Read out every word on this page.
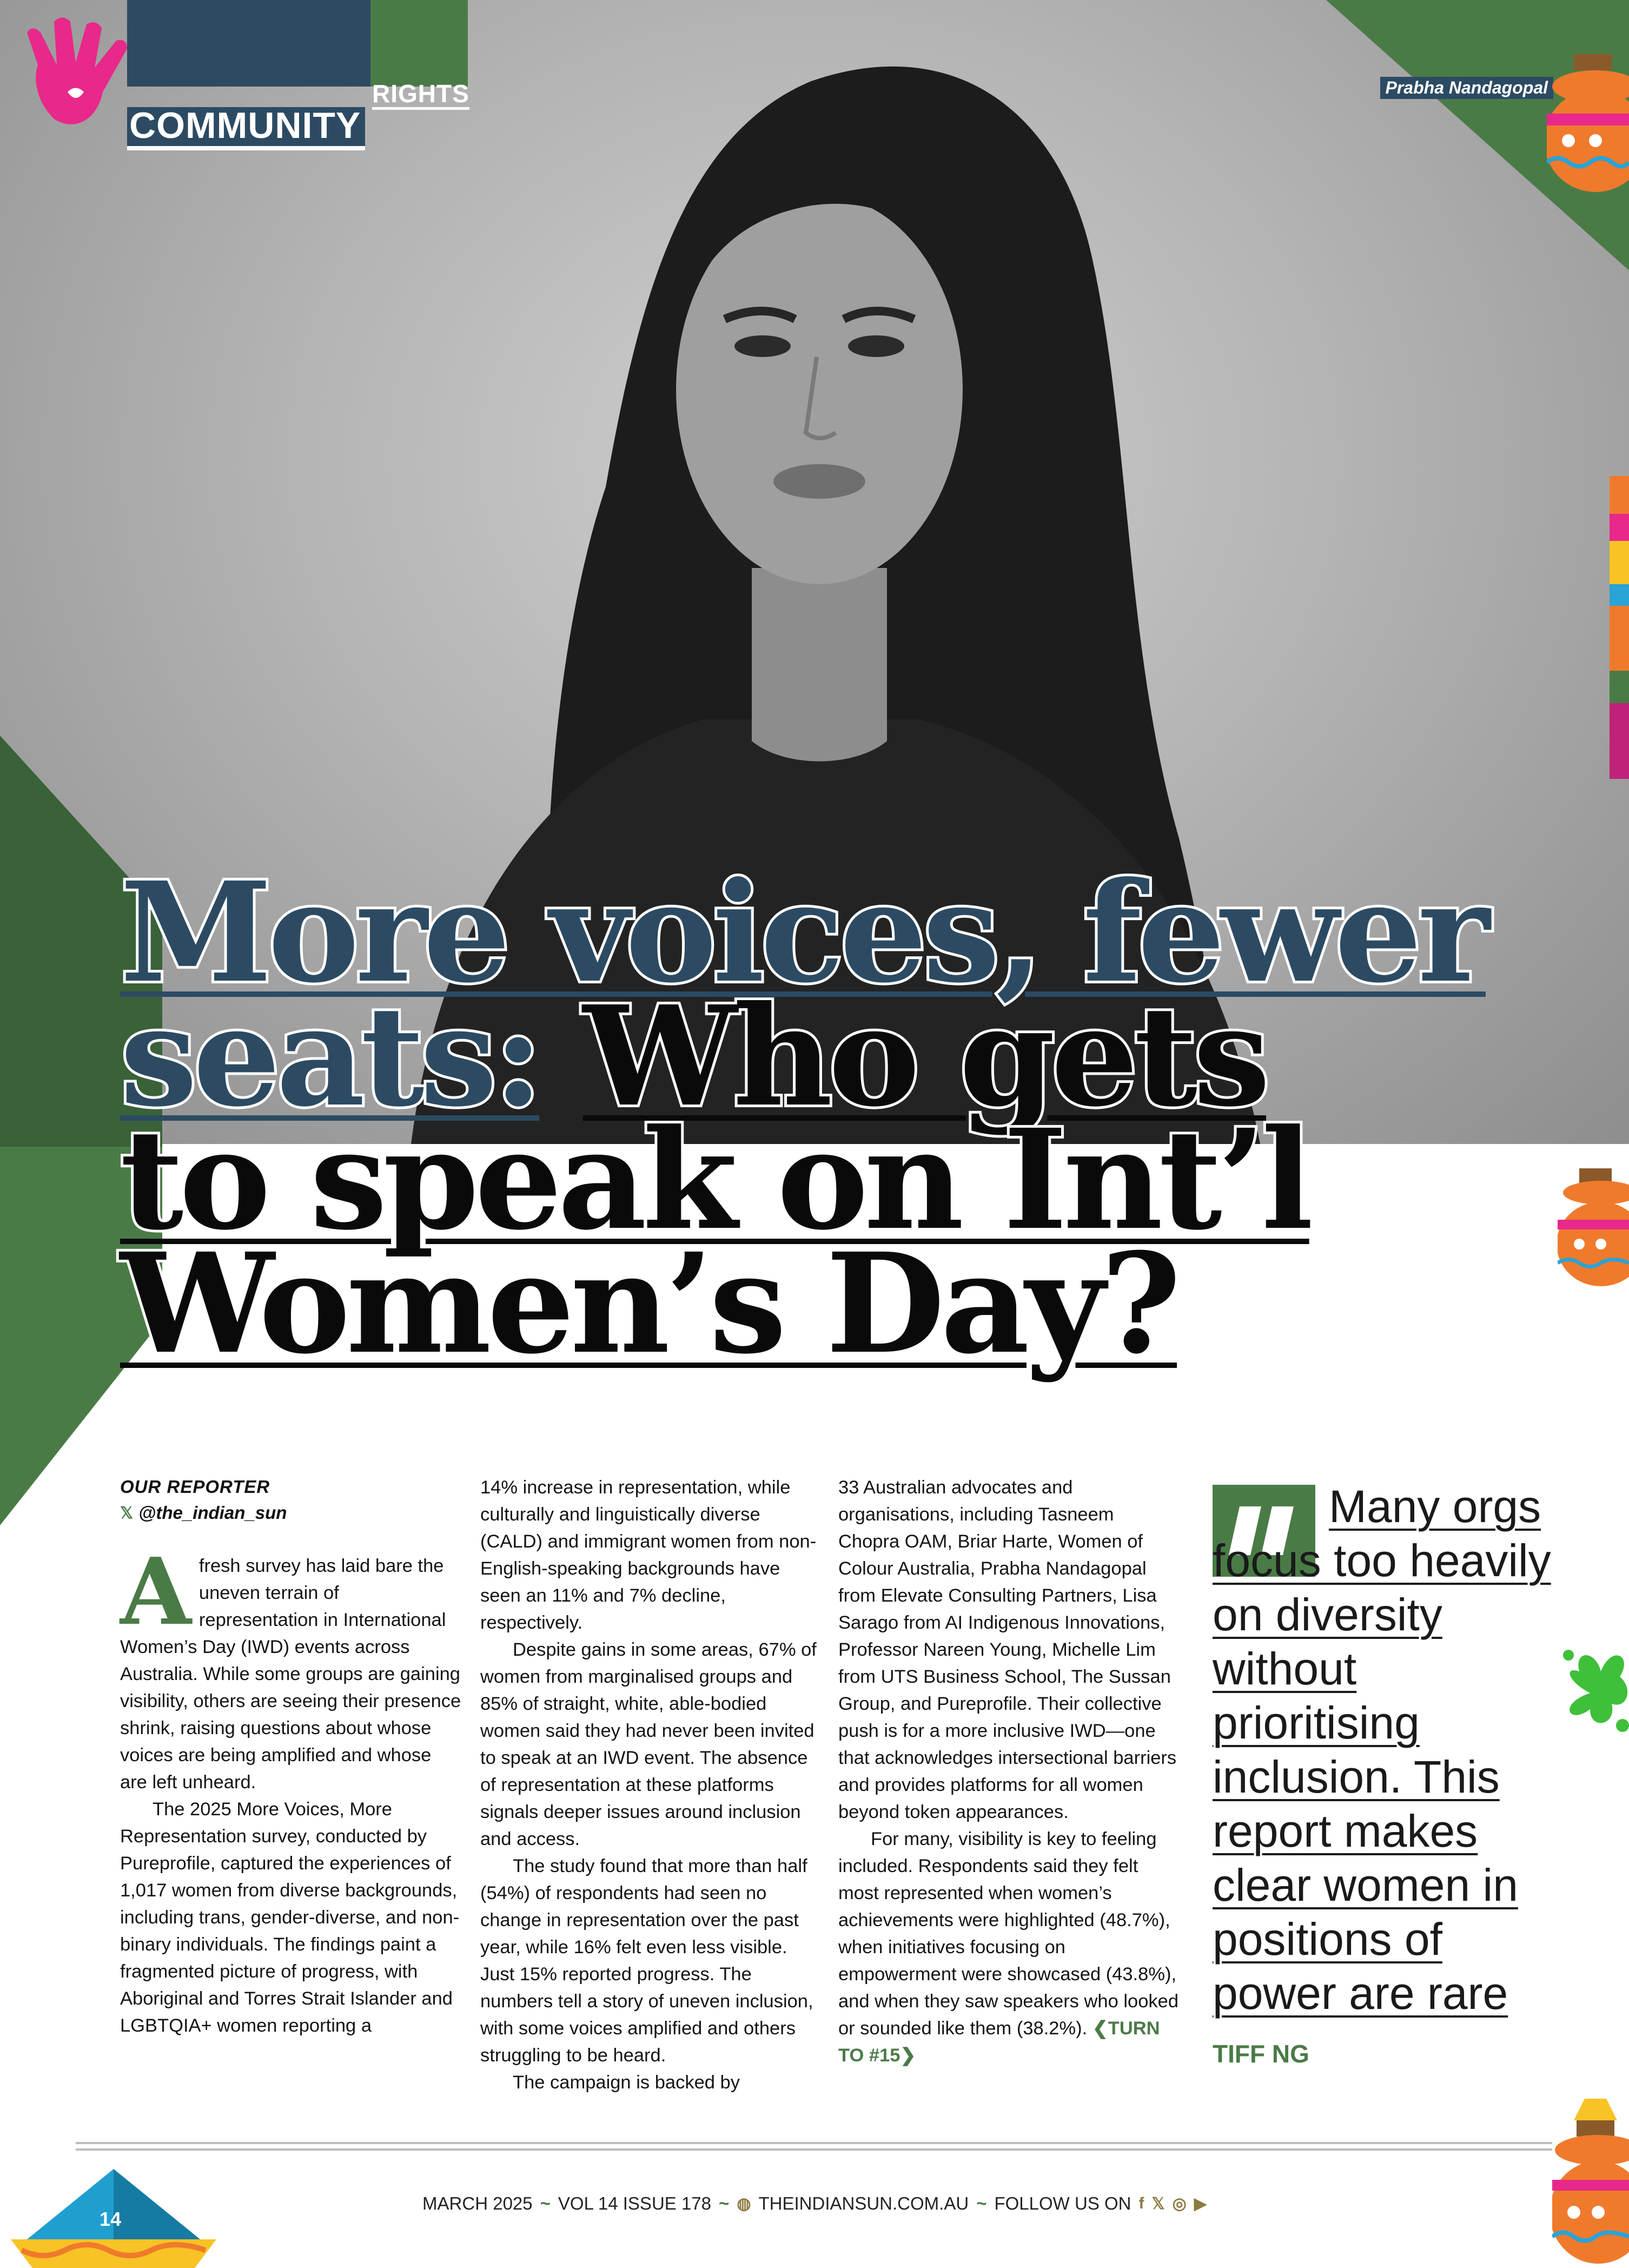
COMMUNITY
RIGHTS	Prabha Nandagopal
More voices, fewer
seats: Who gets
to speak on Int’l
Women’s Day?
OUR REPORTER
𝕏 @the_indian_sun
A fresh survey has laid bare the uneven terrain of representation in International Women’s Day (IWD) events across Australia. While some groups are gaining visibility, others are seeing their presence shrink, raising questions about whose voices are being amplified and whose are left unheard.

The 2025 More Voices, More Representation survey, conducted by Pureprofile, captured the experiences of 1,017 women from diverse backgrounds, including trans, gender-diverse, and non-binary individuals. The findings paint a fragmented picture of progress, with Aboriginal and Torres Strait Islander and LGBTQIA+ women reporting a

14% increase in representation, while culturally and linguistically diverse (CALD) and immigrant women from non-English-speaking backgrounds have seen an 11% and 7% decline, respectively.

Despite gains in some areas, 67% of women from marginalised groups and 85% of straight, white, able-bodied women said they had never been invited to speak at an IWD event. The absence of representation at these platforms signals deeper issues around inclusion and access.

The study found that more than half (54%) of respondents had seen no change in representation over the past year, while 16% felt even less visible. Just 15% reported progress. The numbers tell a story of uneven inclusion, with some voices amplified and others struggling to be heard.

The campaign is backed by

33 Australian advocates and organisations, including Tasneem Chopra OAM, Briar Harte, Women of Colour Australia, Prabha Nandagopal from Elevate Consulting Partners, Lisa Sarago from AI Indigenous Innovations, Professor Nareen Young, Michelle Lim from UTS Business School, The Sussan Group, and Pureprofile. Their collective push is for a more inclusive IWD—one that acknowledges intersectional barriers and provides platforms for all women beyond token appearances.

For many, visibility is key to feeling included. Respondents said they felt most represented when women’s achievements were highlighted (48.7%), when initiatives focusing on empowerment were showcased (43.8%), and when they saw speakers who looked or sounded like them (38.2%). ❮TURN TO #15❯

Many orgs focus too heavily on diversity without prioritising inclusion. This report makes clear women in positions of power are rare
TIFF NG
14
MARCH 2025 ~ VOL 14 ISSUE 178 ~ ◍ THEINDIANSUN.COM.AU ~ FOLLOW US ON f 𝕏 ◎ ▶
